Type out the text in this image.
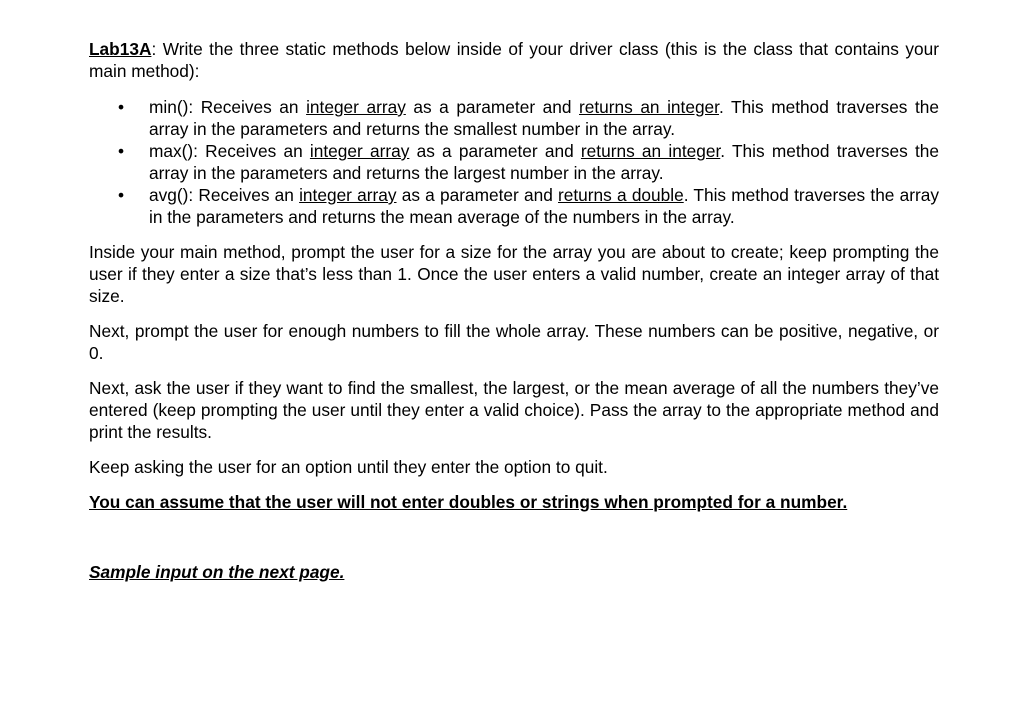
Lab13A: Write the three static methods below inside of your driver class (this is the class that contains your main method):

• min(): Receives an integer array as a parameter and returns an integer. This method traverses the array in the parameters and returns the smallest number in the array.
• max(): Receives an integer array as a parameter and returns an integer. This method traverses the array in the parameters and returns the largest number in the array.
• avg(): Receives an integer array as a parameter and returns a double. This method traverses the array in the parameters and returns the mean average of the numbers in the array.

Inside your main method, prompt the user for a size for the array you are about to create; keep prompting the user if they enter a size that’s less than 1. Once the user enters a valid number, create an integer array of that size.

Next, prompt the user for enough numbers to fill the whole array. These numbers can be positive, negative, or 0.

Next, ask the user if they want to find the smallest, the largest, or the mean average of all the numbers they’ve entered (keep prompting the user until they enter a valid choice). Pass the array to the appropriate method and print the results.

Keep asking the user for an option until they enter the option to quit.

You can assume that the user will not enter doubles or strings when prompted for a number.

Sample input on the next page.
